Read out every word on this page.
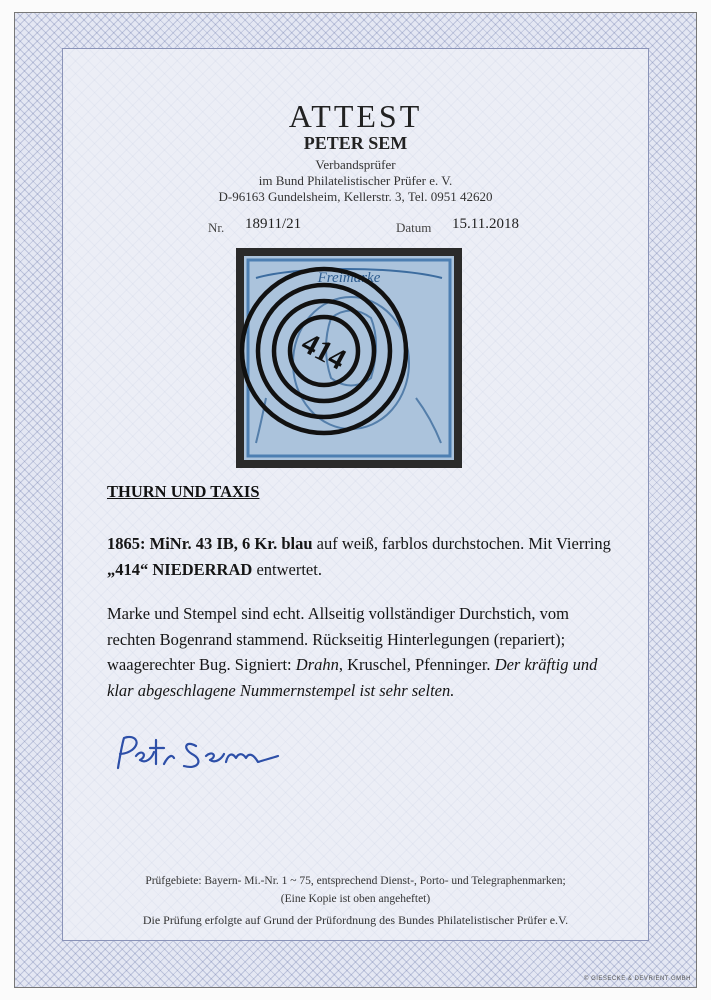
ATTEST
PETER SEM
Verbandsprüfer
im Bund Philatelistischer Prüfer e. V.
D-96163 Gundelsheim, Kellerstr. 3, Tel. 0951 42620
Nr. 18911/21	Datum 15.11.2018
Freimarke
414
THURN UND TAXIS
1865: MiNr. 43 IB, 6 Kr. blau auf weiß, farblos durchstochen. Mit Vierring „414“ NIEDERRAD entwertet.
Marke und Stempel sind echt. Allseitig vollständiger Durchstich, vom rechten Bogenrand stammend. Rückseitig Hinterlegungen (repariert); waagerechter Bug. Signiert: Drahn, Kruschel, Pfenninger. Der kräftig und klar abgeschlagene Nummernstempel ist sehr selten.
Prüfgebiete: Bayern- Mi.-Nr. 1 ~ 75, entsprechend Dienst-, Porto- und Telegraphenmarken;
(Eine Kopie ist oben angeheftet)
Die Prüfung erfolgte auf Grund der Prüfordnung des Bundes Philatelistischer Prüfer e.V.
© GIESECKE & DEVRIENT GMBH
